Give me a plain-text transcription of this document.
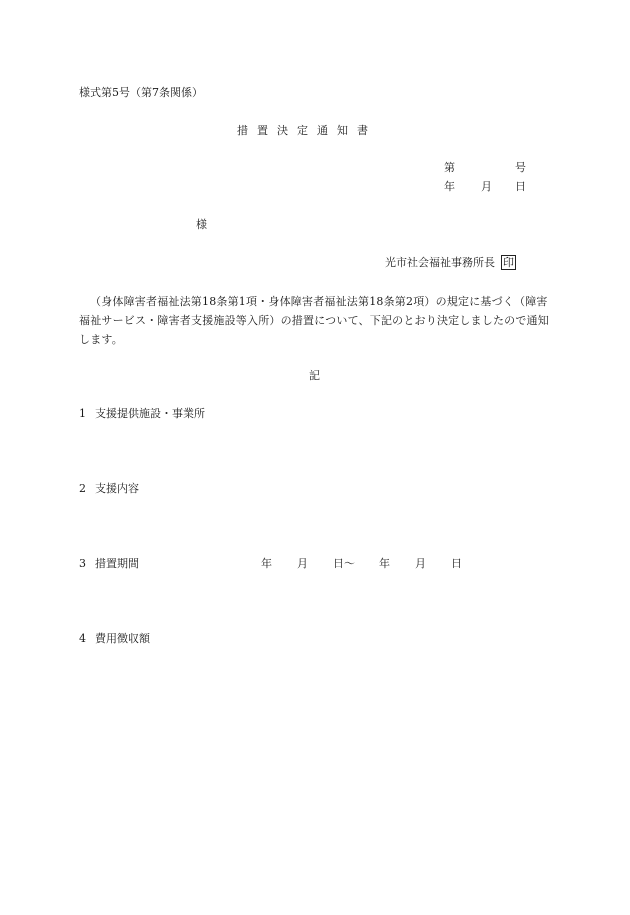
様式第5号（第7条関係）
措置決定通知書
第	号
年 月 日
様
光市社会福祉事務所長 印
（身体障害者福祉法第18条第1項・身体障害者福祉法第18条第2項）の規定に基づく（障害福祉サービス・障害者支援施設等入所）の措置について、下記のとおり決定しましたので通知します。
記
1 支援提供施設・事業所
2 支援内容
3 措置期間	年 月 日〜 年 月 日
4 費用徴収額
